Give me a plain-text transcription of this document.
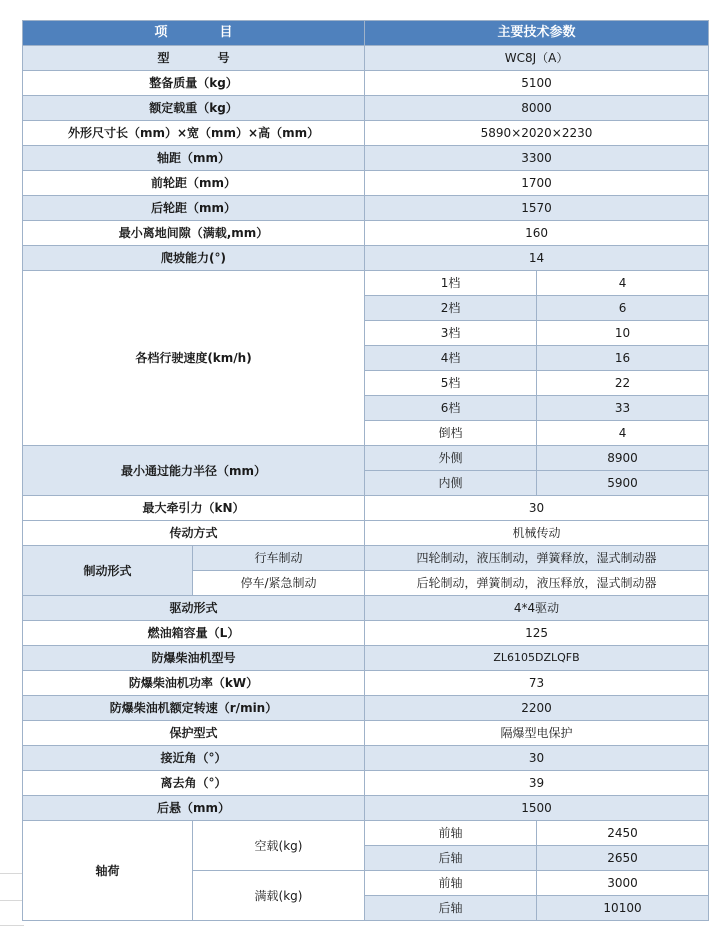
项　　　　目		主要技术参数	
型　　　　号		WC8J（A）	
整备质量（kg）		5100	
额定载重（kg）		8000	
外形尺寸长（mm）×宽（mm）×高（mm）		5890×2020×2230	
轴距（mm）		3300	
前轮距（mm）		1700	
后轮距（mm）		1570	
最小离地间隙（满载,mm）		160	
爬坡能力(°)		14	
各档行驶速度(km/h)		1档	4
		2档	6
		3档	10
		4档	16
		5档	22
		6档	33
		倒档	4
最小通过能力半径（mm）		外侧	8900
		内侧	5900
最大牵引力（kN）		30	
传动方式		机械传动	
制动形式	行车制动	四轮制动，液压制动，弹簧释放，湿式制动器	
	停车/紧急制动	后轮制动，弹簧制动，液压释放，湿式制动器	
驱动形式		4*4驱动	
燃油箱容量（L）		125	
防爆柴油机型号		ZL6105DZLQFB	
防爆柴油机功率（kW）		73	
防爆柴油机额定转速（r/min）		2200	
保护型式		隔爆型电保护	
接近角（°）		30	
离去角（°）		39	
后悬（mm）		1500	
轴荷	空载(kg)	前轴	2450
		后轴	2650
	满载(kg)	前轴	3000
		后轴	10100
